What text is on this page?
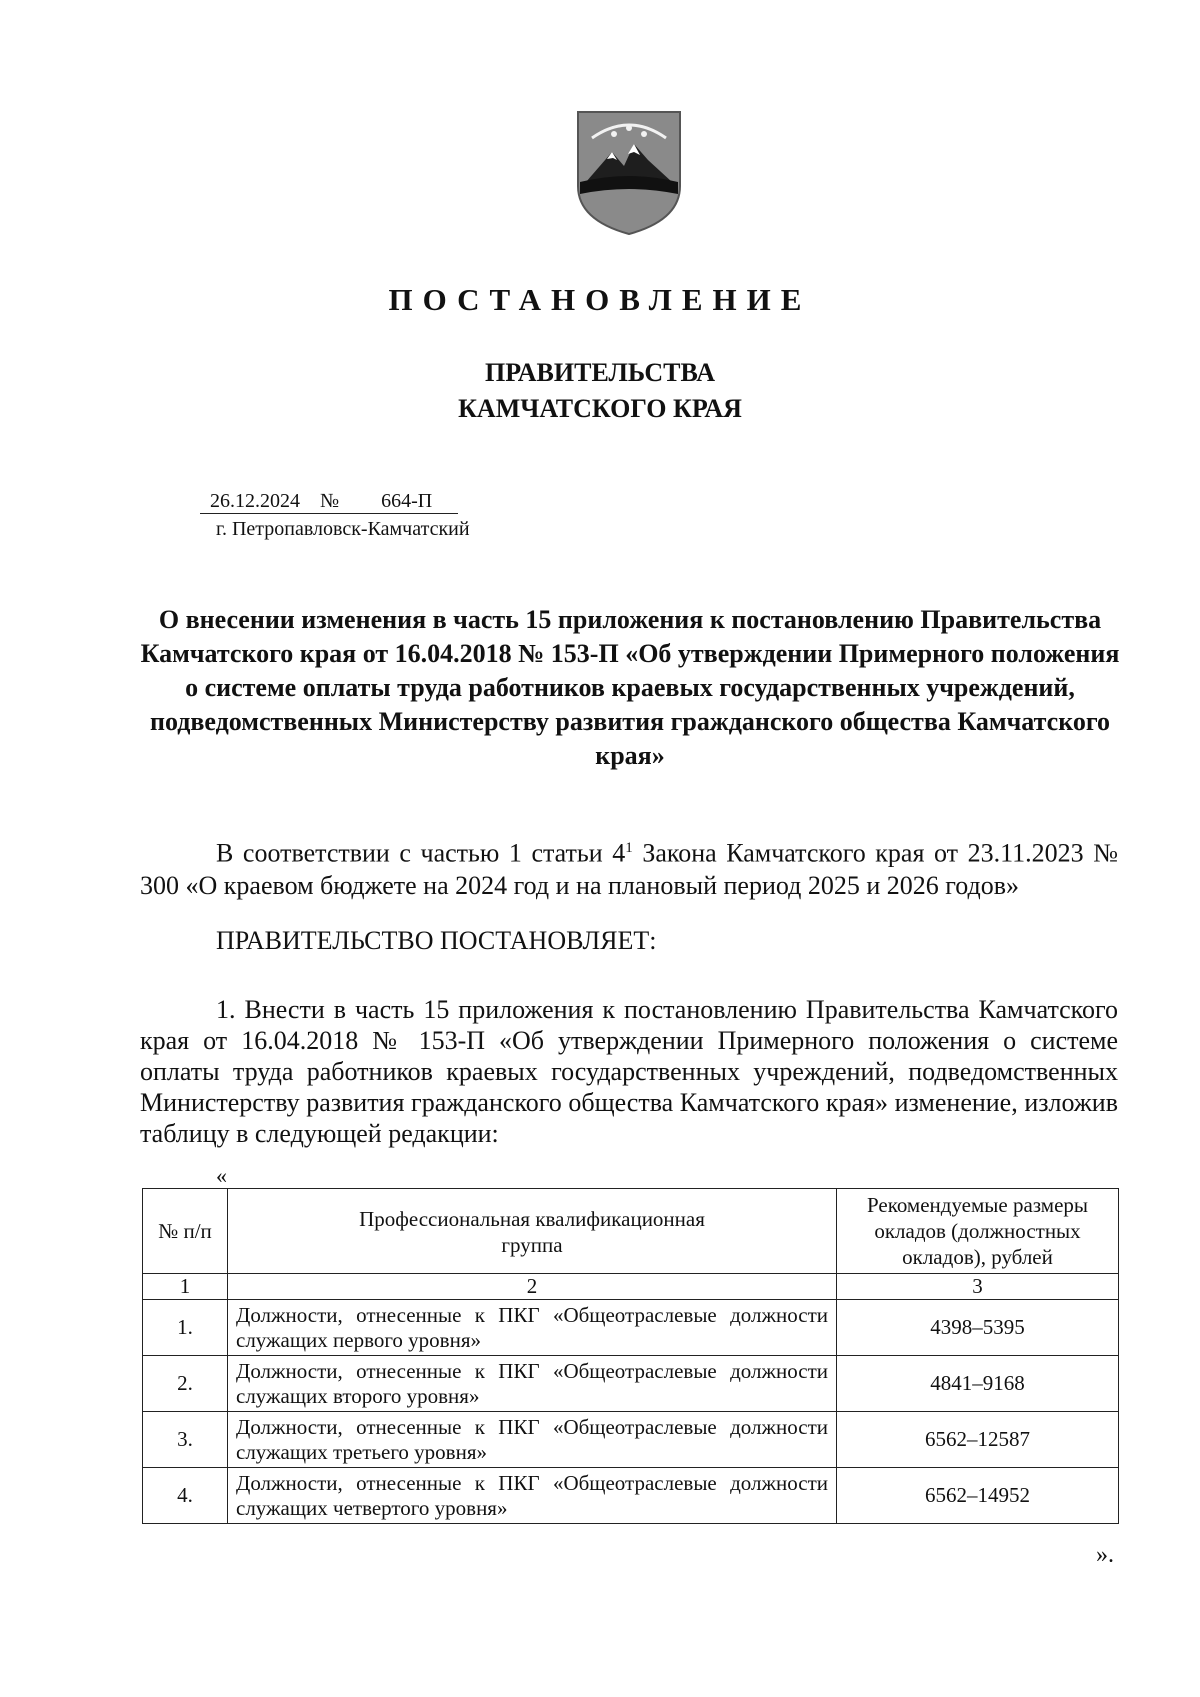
ПОСТАНОВЛЕНИЕ
ПРАВИТЕЛЬСТВА
КАМЧАТСКОГО КРАЯ
26.12.2024 № 664-П
г. Петропавловск-Камчатский
О внесении изменения в часть 15 приложения к постановлению Правительства Камчатского края от 16.04.2018 № 153-П «Об утверждении Примерного положения о системе оплаты труда работников краевых государственных учреждений, подведомственных Министерству развития гражданского общества Камчатского края»
В соответствии с частью 1 статьи $4^1$ Закона Камчатского края от 23.11.2023 № 300 «О краевом бюджете на 2024 год и на плановый период 2025 и 2026 годов»
ПРАВИТЕЛЬСТВО ПОСТАНОВЛЯЕТ:
1. Внести в часть 15 приложения к постановлению Правительства Камчатского края от 16.04.2018 № 153-П «Об утверждении Примерного положения о системе оплаты труда работников краевых государственных учреждений, подведомственных Министерству развития гражданского общества Камчатского края» изменение, изложив таблицу в следующей редакции:
«
№ п/п	Профессиональная квалификационная группа	Рекомендуемые размеры окладов (должностных окладов), рублей
1	2	3
1.	Должности, отнесенные к ПКГ «Общеотраслевые должности служащих первого уровня»	4398–5395
2.	Должности, отнесенные к ПКГ «Общеотраслевые должности служащих второго уровня»	4841–9168
3.	Должности, отнесенные к ПКГ «Общеотраслевые должности служащих третьего уровня»	6562–12587
4.	Должности, отнесенные к ПКГ «Общеотраслевые должности служащих четвертого уровня»	6562–14952
».
